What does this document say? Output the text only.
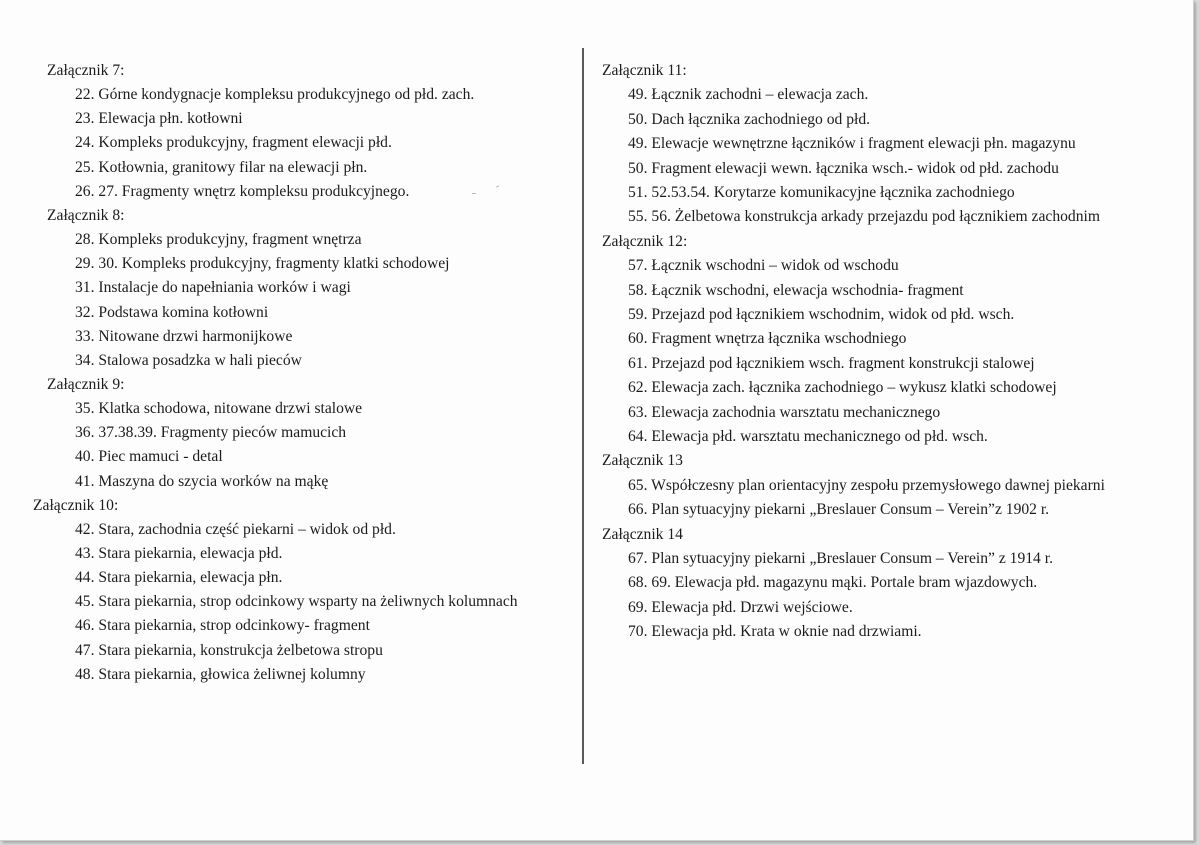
Załącznik 7:
22. Górne kondygnacje kompleksu produkcyjnego od płd. zach.
23. Elewacja płn. kotłowni
24. Kompleks produkcyjny, fragment elewacji płd.
25. Kotłownia, granitowy filar na elewacji płn.
26. 27. Fragmenty wnętrz kompleksu produkcyjnego.
Załącznik 8:
28. Kompleks produkcyjny, fragment wnętrza
29. 30. Kompleks produkcyjny, fragmenty klatki schodowej
31. Instalacje do napełniania worków i wagi
32. Podstawa komina kotłowni
33. Nitowane drzwi harmonijkowe
34. Stalowa posadzka w hali pieców
Załącznik 9:
35. Klatka schodowa, nitowane drzwi stalowe
36. 37.38.39. Fragmenty pieców mamucich
40. Piec mamuci - detal
41. Maszyna do szycia worków na mąkę
Załącznik 10:
42. Stara, zachodnia część piekarni – widok od płd.
43. Stara piekarnia, elewacja płd.
44. Stara piekarnia, elewacja płn.
45. Stara piekarnia, strop odcinkowy wsparty na żeliwnych kolumnach
46. Stara piekarnia, strop odcinkowy- fragment
47. Stara piekarnia, konstrukcja żelbetowa stropu
48. Stara piekarnia, głowica żeliwnej kolumny
Załącznik 11:
49. Łącznik zachodni – elewacja zach.
50. Dach łącznika zachodniego od płd.
49. Elewacje wewnętrzne łączników i fragment elewacji płn. magazynu
50. Fragment elewacji wewn. łącznika wsch.- widok od płd. zachodu
51. 52.53.54. Korytarze komunikacyjne łącznika zachodniego
55. 56. Żelbetowa konstrukcja arkady przejazdu pod łącznikiem zachodnim
Załącznik 12:
57. Łącznik wschodni – widok od wschodu
58. Łącznik wschodni, elewacja wschodnia- fragment
59. Przejazd pod łącznikiem wschodnim, widok od płd. wsch.
60. Fragment wnętrza łącznika wschodniego
61. Przejazd pod łącznikiem wsch. fragment konstrukcji stalowej
62. Elewacja zach. łącznika zachodniego – wykusz klatki schodowej
63. Elewacja zachodnia warsztatu mechanicznego
64. Elewacja płd. warsztatu mechanicznego od płd. wsch.
Załącznik 13
65. Współczesny plan orientacyjny zespołu przemysłowego dawnej piekarni
66. Plan sytuacyjny piekarni „Breslauer Consum – Verein”z 1902 r.
Załącznik 14
67. Plan sytuacyjny piekarni „Breslauer Consum – Verein” z 1914 r.
68. 69. Elewacja płd. magazynu mąki. Portale bram wjazdowych.
69. Elewacja płd. Drzwi wejściowe.
70. Elewacja płd. Krata w oknie nad drzwiami.
